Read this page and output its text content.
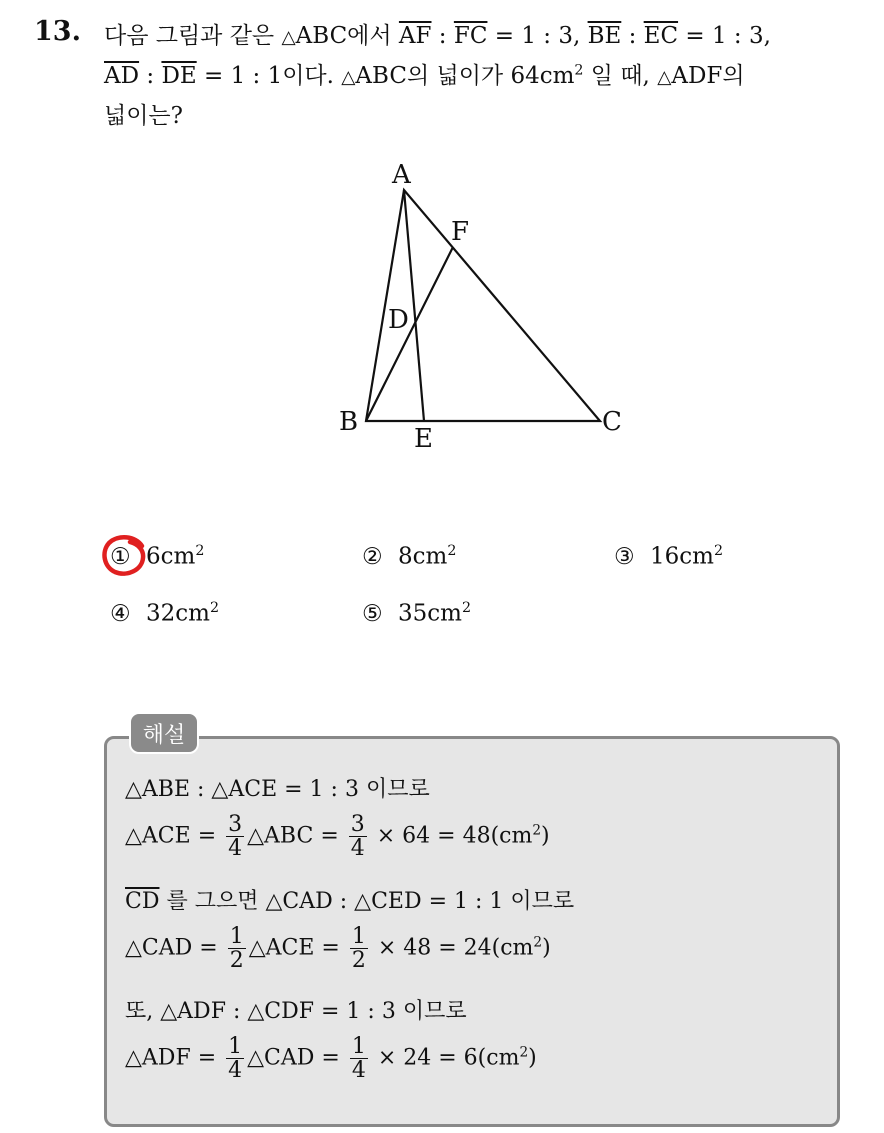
13. 다음 그림과 같은 △ABC에서 $\overline{AF}$ : $\overline{FC} = 1$ : 3, $\overline{BE}$ : $\overline{EC} = 1$ : 3,
$\overline{AD}$ : $\overline{DE} = 1$ : 1이다. △ABC의 넓이가 $64cm^2$ 일 때, △ADF의
넓이는?
A
F
D
B
E
C
① $6cm^2$	② $8cm^2$	③ $16cm^2$
④ $32cm^2$	⑤ $35cm^2$
해설
△ABE : △ACE = 1 : 3 이므로
△ACE = $\frac{3}{4}$ △ABC = $\frac{3}{4} \times 64 = 48(cm^2)$
$\overline{CD}$ 를 그으면 △CAD : △CED = 1 : 1 이므로
△CAD = $\frac{1}{2}$ △ACE = $\frac{1}{2} \times 48 = 24(cm^2)$
또, △ADF : △CDF = 1 : 3 이므로
△ADF = $\frac{1}{4}$ △CAD = $\frac{1}{4} \times 24 = 6(cm^2)$
